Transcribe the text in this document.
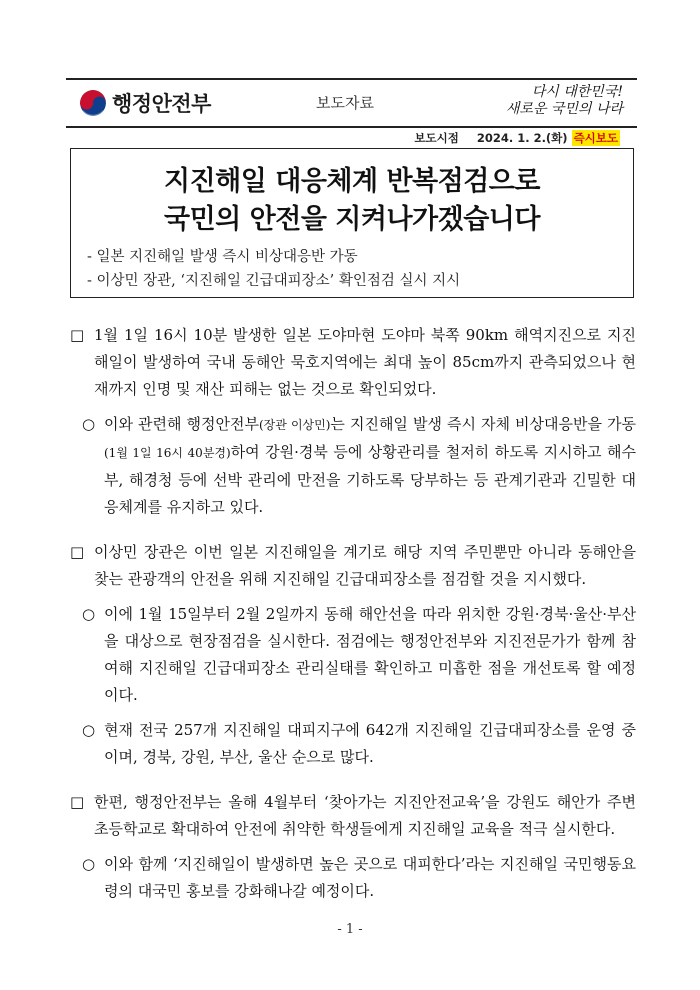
행정안전부	보도자료
다시 대한민국!
새로운 국민의 나라
보도시점 2024. 1. 2.(화) 즉시보도
지진해일 대응체계 반복점검으로
국민의 안전을 지켜나가겠습니다
- 일본 지진해일 발생 즉시 비상대응반 가동
- 이상민 장관, ‘지진해일 긴급대피장소’ 확인점검 실시 지시

□ 1월 1일 16시 10분 발생한 일본 도야마현 도야마 북쪽 90km 해역지진으로 지진해일이 발생하여 국내 동해안 묵호지역에는 최대 높이 85cm까지 관측되었으나 현재까지 인명 및 재산 피해는 없는 것으로 확인되었다.

○ 이와 관련해 행정안전부(장관 이상민)는 지진해일 발생 즉시 자체 비상대응반을 가동(1월 1일 16시 40분경)하여 강원·경북 등에 상황관리를 철저히 하도록 지시하고 해수부, 해경청 등에 선박 관리에 만전을 기하도록 당부하는 등 관계기관과 긴밀한 대응체계를 유지하고 있다.

□ 이상민 장관은 이번 일본 지진해일을 계기로 해당 지역 주민뿐만 아니라 동해안을 찾는 관광객의 안전을 위해 지진해일 긴급대피장소를 점검할 것을 지시했다.

○ 이에 1월 15일부터 2월 2일까지 동해 해안선을 따라 위치한 강원·경북·울산·부산을 대상으로 현장점검을 실시한다. 점검에는 행정안전부와 지진전문가가 함께 참여해 지진해일 긴급대피장소 관리실태를 확인하고 미흡한 점을 개선토록 할 예정이다.

○ 현재 전국 257개 지진해일 대피지구에 642개 지진해일 긴급대피장소를 운영 중이며, 경북, 강원, 부산, 울산 순으로 많다.

□ 한편, 행정안전부는 올해 4월부터 ‘찾아가는 지진안전교육’을 강원도 해안가 주변 초등학교로 확대하여 안전에 취약한 학생들에게 지진해일 교육을 적극 실시한다.

○ 이와 함께 ‘지진해일이 발생하면 높은 곳으로 대피한다’라는 지진해일 국민행동요령의 대국민 홍보를 강화해나갈 예정이다.

- 1 -
